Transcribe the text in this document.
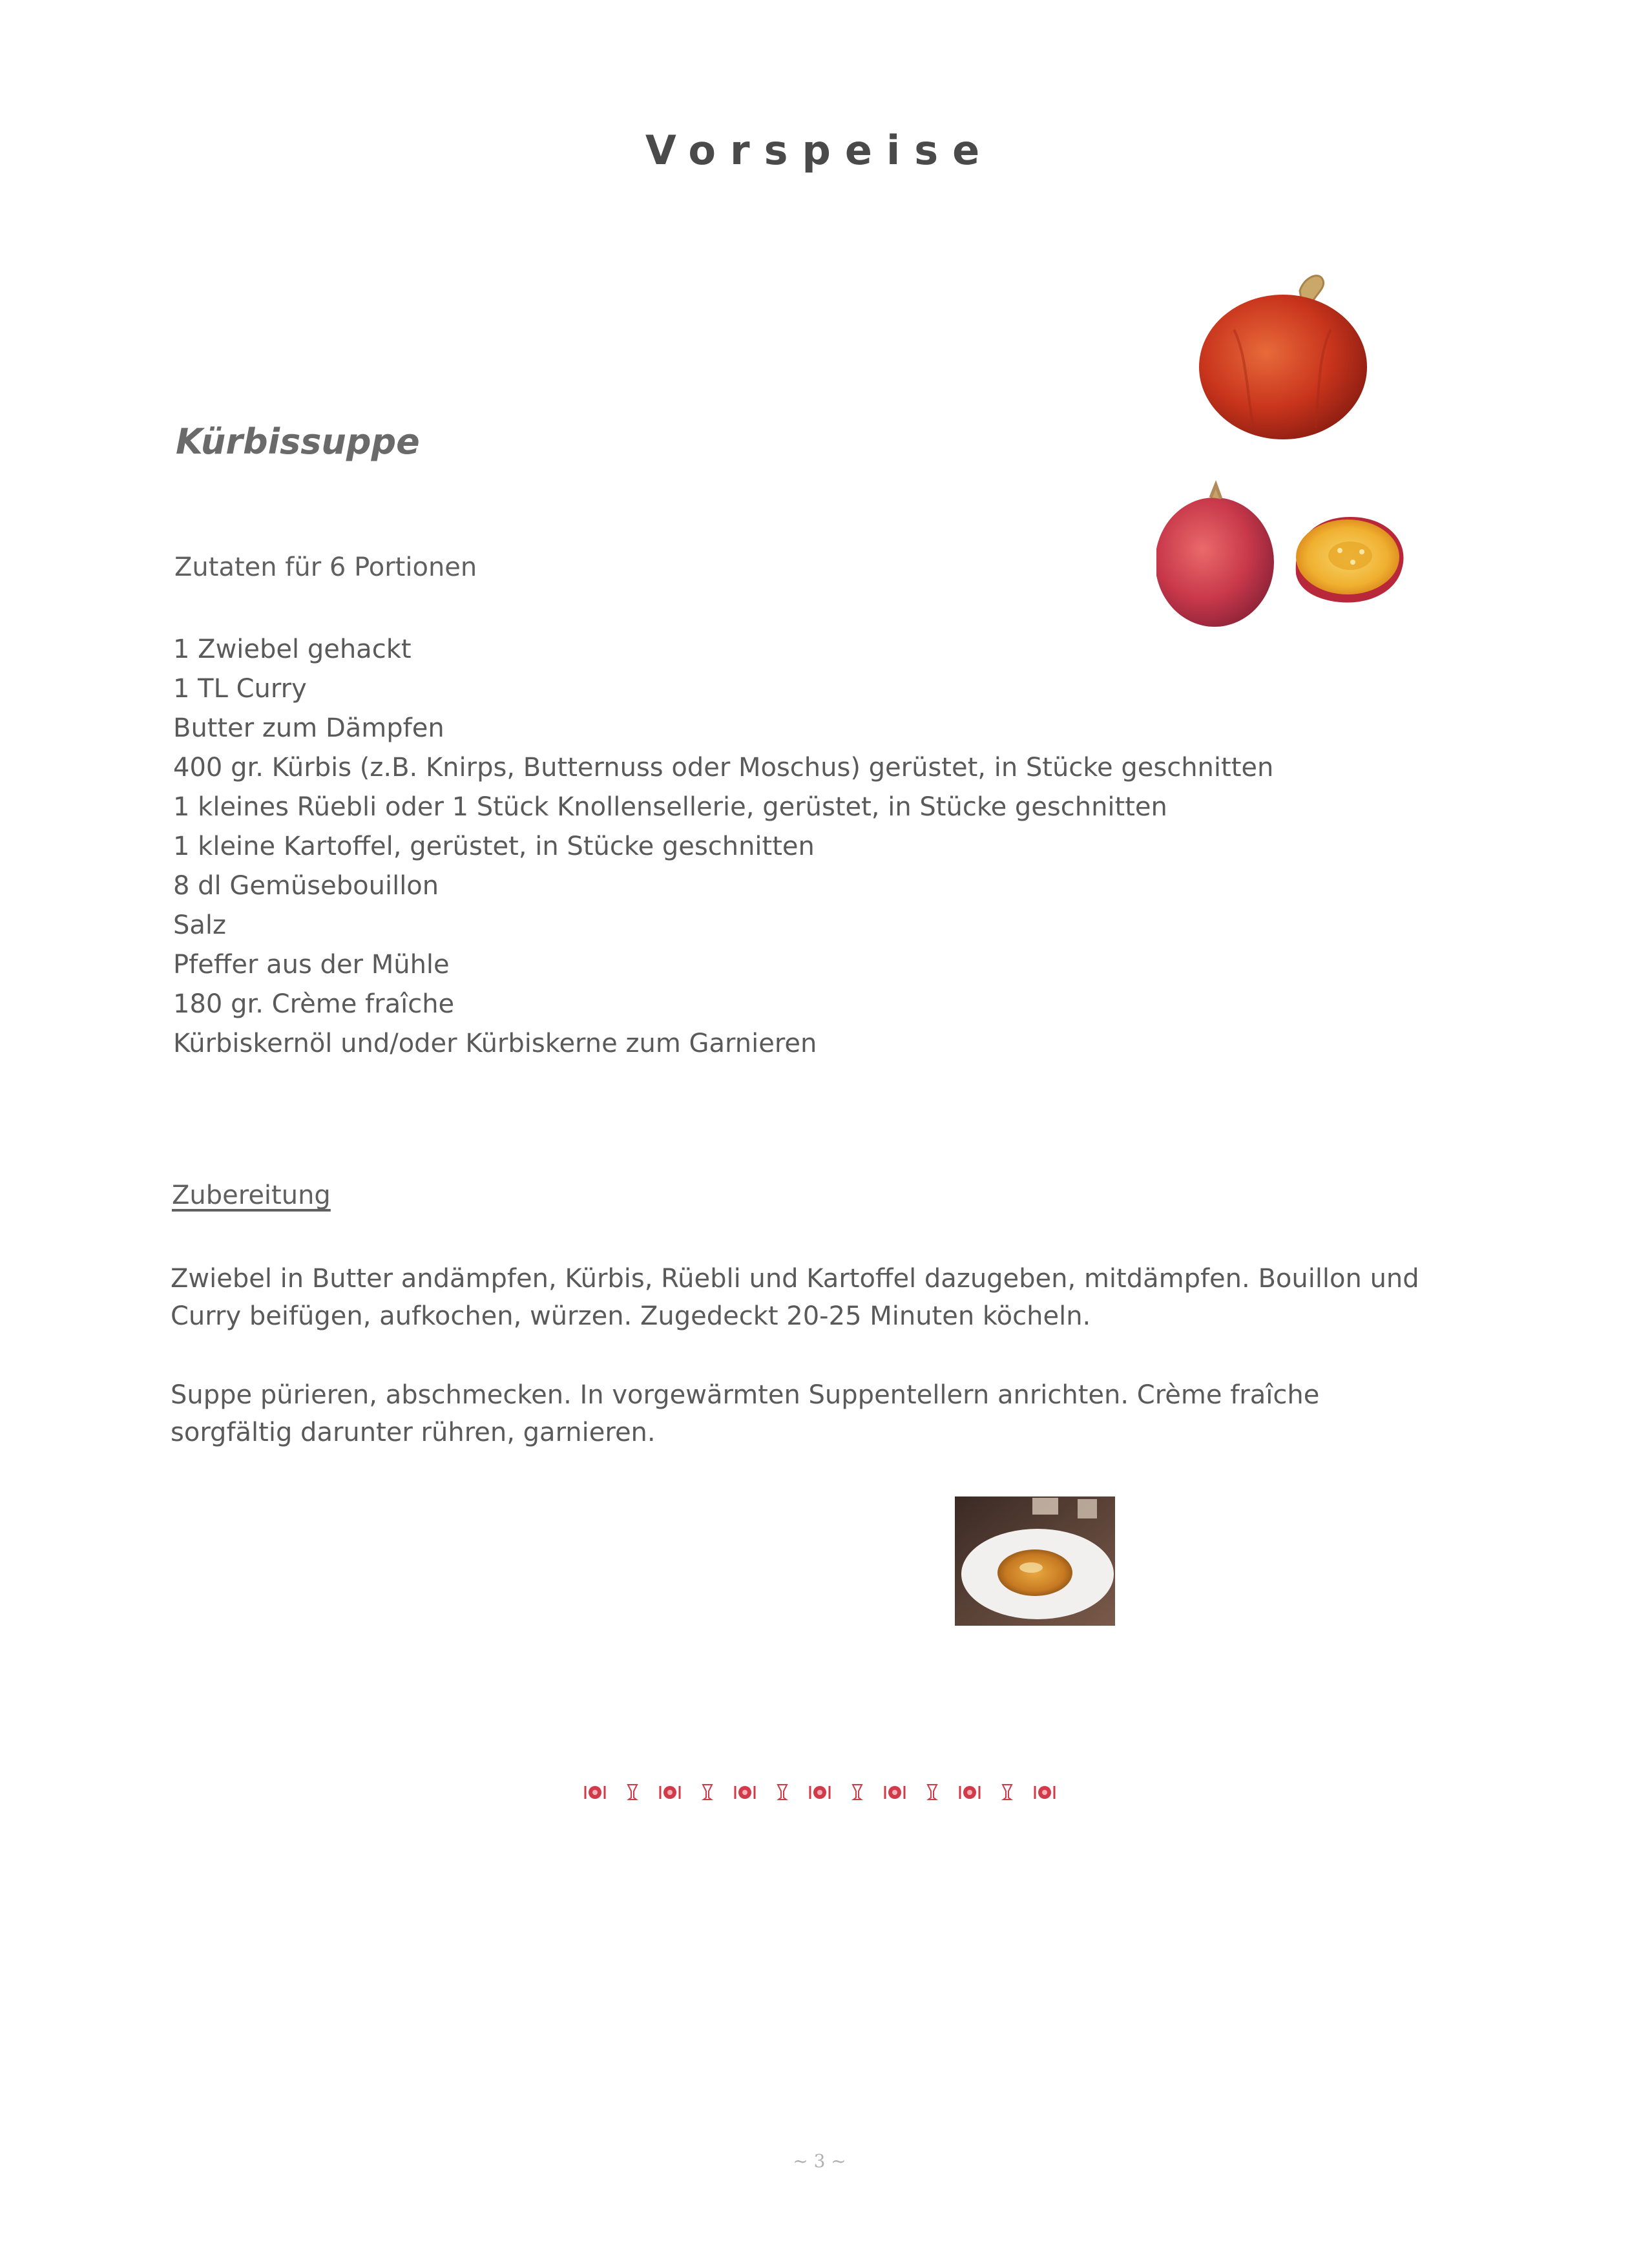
Vorspeise
Kürbissuppe
Zutaten für 6 Portionen
1 Zwiebel gehackt
1 TL Curry
Butter zum Dämpfen
400 gr. Kürbis (z.B. Knirps, Butternuss oder Moschus) gerüstet, in Stücke geschnitten
1 kleines Rüebli oder 1 Stück Knollensellerie, gerüstet, in Stücke geschnitten
1 kleine Kartoffel, gerüstet, in Stücke geschnitten
8 dl Gemüsebouillon
Salz
Pfeffer aus der Mühle
180 gr. Crème fraîche
Kürbiskernöl und/oder Kürbiskerne zum Garnieren
Zubereitung

Zwiebel in Butter andämpfen, Kürbis, Rüebli und Kartoffel dazugeben, mitdämpfen. Bouillon und Curry beifügen, aufkochen, würzen. Zugedeckt 20-25 Minuten köcheln.

Suppe pürieren, abschmecken. In vorgewärmten Suppentellern anrichten. Crème fraîche sorgfältig darunter rühren, garnieren.

~ 3 ~
